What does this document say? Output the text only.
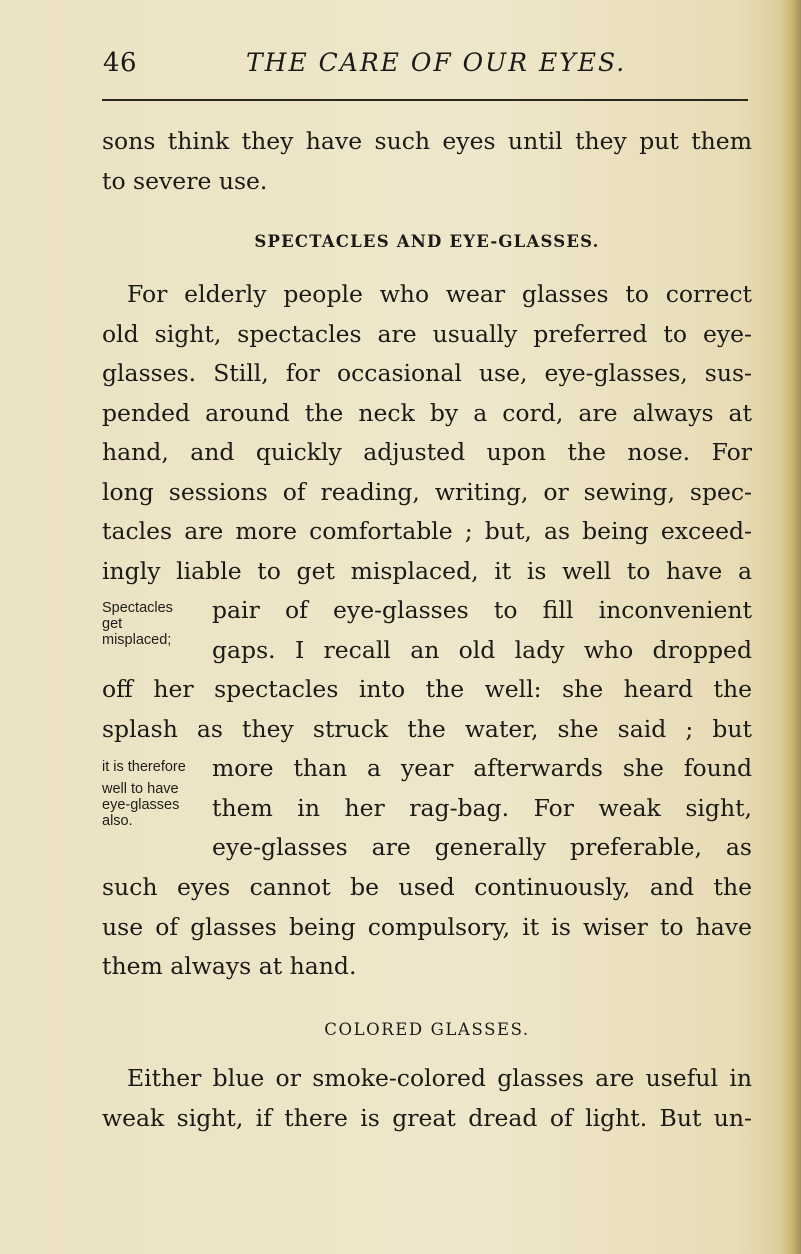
46	THE CARE OF OUR EYES.
sons think they have such eyes until they put them
to severe use.
SPECTACLES AND EYE-GLASSES.
For elderly people who wear glasses to correct
old sight, spectacles are usually preferred to eye-
glasses. Still, for occasional use, eye-glasses, sus-
pended around the neck by a cord, are always at
hand, and quickly adjusted upon the nose. For
long sessions of reading, writing, or sewing, spec-
tacles are more comfortable ; but, as being exceed-
ingly liable to get misplaced, it is well to have a
pair of eye-glasses to fill inconvenient
gaps. I recall an old lady who dropped
Spectacles get
misplaced;
off her spectacles into the well: she heard the
splash as they struck the water, she said ; but
more than a year afterwards she found
them in her rag-bag. For weak sight,
eye-glasses are generally preferable, as
it is therefore
well to have
eye-glasses
also.
such eyes cannot be used continuously, and the
use of glasses being compulsory, it is wiser to have
them always at hand.
COLORED GLASSES.
Either blue or smoke-colored glasses are useful in
weak sight, if there is great dread of light. But un-
